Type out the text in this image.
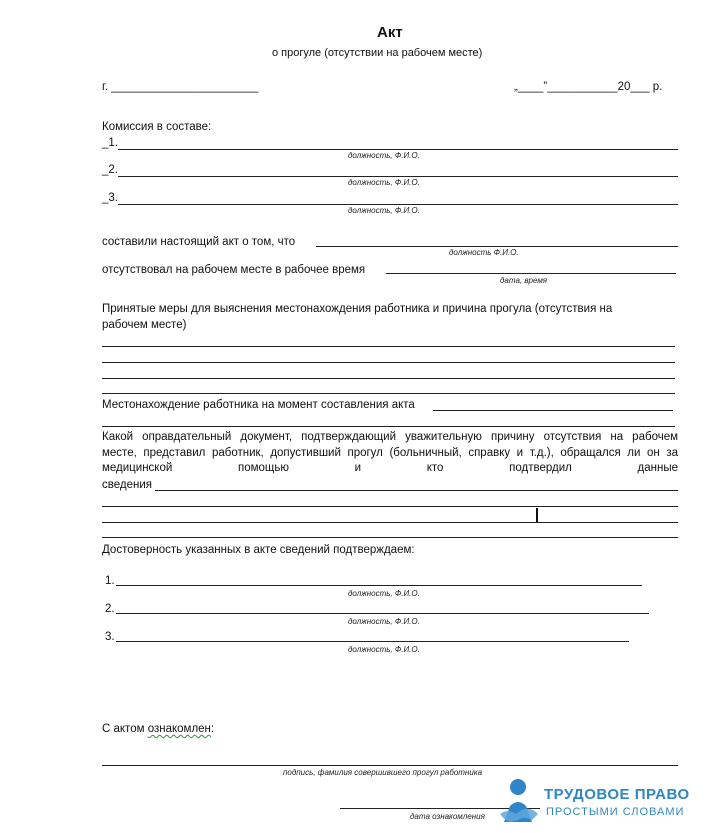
Акт
о прогуле (отсутствии на рабочем месте)
г. _______________________	„____”___________20___ р.
Комиссия в составе:
_1.
должность, Ф.И.О.
_2.
должность, Ф.И.О.
_3.
должность, Ф.И.О.
составили настоящий акт о том, что
должность Ф.И.О.
отсутствовал на рабочем месте в рабочее время
дата, время
Принятые меры для выяснения местонахождения работника и причина прогула (отсутствия на
рабочем месте)
Местонахождение работника на момент составления акта
Какой оправдательный документ, подтверждающий уважительную причину отсутствия на рабочем
месте, представил работник, допустивший прогул (больничный, справку и т.д.), обращался ли он за
медицинской помощью и кто подтвердил данные
сведения
Достоверность указанных в акте сведений подтверждаем:
1.
должность, Ф.И.О.
2.
должность, Ф.И.О.
3.
должность, Ф.И.О.
С актом ознакомлен:
подпись, фамилия совершившего прогул работника
дата ознакомления
ТРУДОВОЕ ПРАВО
ПРОСТЫМИ СЛОВАМИ
